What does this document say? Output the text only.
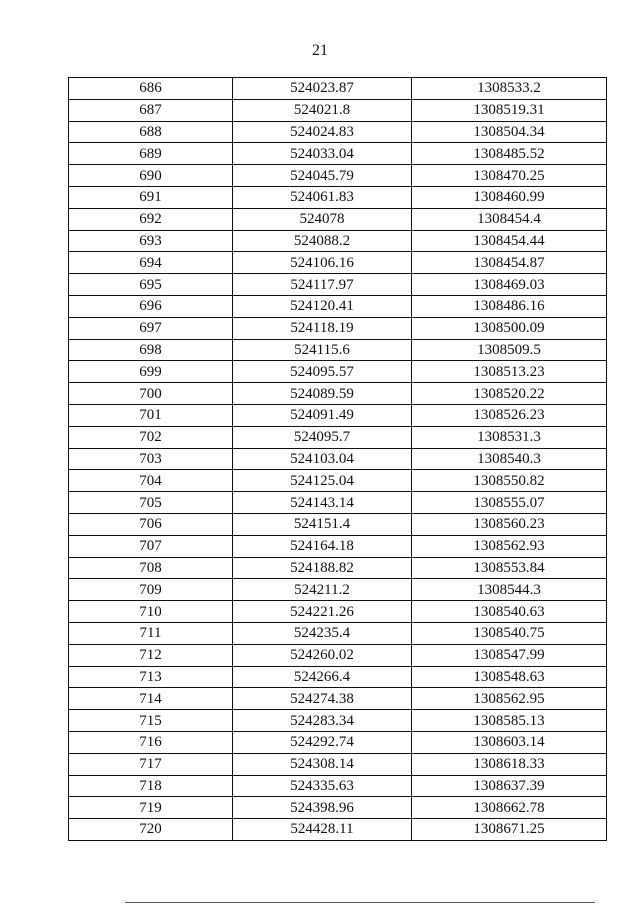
21
686	524023.87	1308533.2
687	524021.8	1308519.31
688	524024.83	1308504.34
689	524033.04	1308485.52
690	524045.79	1308470.25
691	524061.83	1308460.99
692	524078	1308454.4
693	524088.2	1308454.44
694	524106.16	1308454.87
695	524117.97	1308469.03
696	524120.41	1308486.16
697	524118.19	1308500.09
698	524115.6	1308509.5
699	524095.57	1308513.23
700	524089.59	1308520.22
701	524091.49	1308526.23
702	524095.7	1308531.3
703	524103.04	1308540.3
704	524125.04	1308550.82
705	524143.14	1308555.07
706	524151.4	1308560.23
707	524164.18	1308562.93
708	524188.82	1308553.84
709	524211.2	1308544.3
710	524221.26	1308540.63
711	524235.4	1308540.75
712	524260.02	1308547.99
713	524266.4	1308548.63
714	524274.38	1308562.95
715	524283.34	1308585.13
716	524292.74	1308603.14
717	524308.14	1308618.33
718	524335.63	1308637.39
719	524398.96	1308662.78
720	524428.11	1308671.25
